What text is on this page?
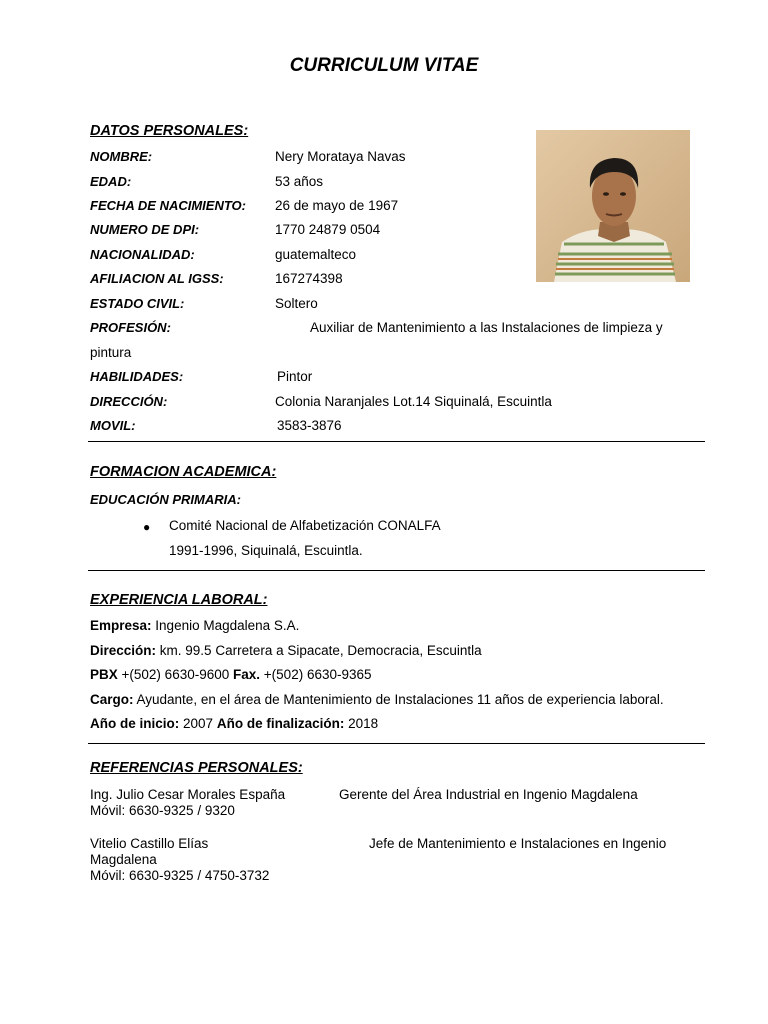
CURRICULUM VITAE
DATOS PERSONALES:
NOMBRE:	Nery Morataya Navas
EDAD:	53 años
FECHA DE NACIMIENTO: 26 de mayo de 1967
NUMERO DE DPI:	1770 24879 0504
NACIONALIDAD:	guatemalteco
AFILIACION AL IGSS:	167274398
ESTADO CIVIL:	Soltero
PROFESIÓN:	Auxiliar de Mantenimiento a las Instalaciones de limpieza y
pintura
HABILIDADES:	Pintor
DIRECCIÓN:	Colonia Naranjales Lot.14 Siquinalá, Escuintla
MOVIL:	3583-3876
FORMACION ACADEMICA:
EDUCACIÓN PRIMARIA:
● Comité Nacional de Alfabetización CONALFA
1991-1996, Siquinalá, Escuintla.
EXPERIENCIA LABORAL:
Empresa: Ingenio Magdalena S.A.
Dirección: km. 99.5 Carretera a Sipacate, Democracia, Escuintla
PBX +(502) 6630-9600 Fax. +(502) 6630-9365
Cargo: Ayudante, en el área de Mantenimiento de Instalaciones 11 años de experiencia laboral.
Año de inicio: 2007 Año de finalización: 2018
REFERENCIAS PERSONALES:
Ing. Julio Cesar Morales España	Gerente del Área Industrial en Ingenio Magdalena
Móvil: 6630-9325 / 9320
Vitelio Castillo Elías	Jefe de Mantenimiento e Instalaciones en Ingenio
Magdalena
Móvil: 6630-9325 / 4750-3732
